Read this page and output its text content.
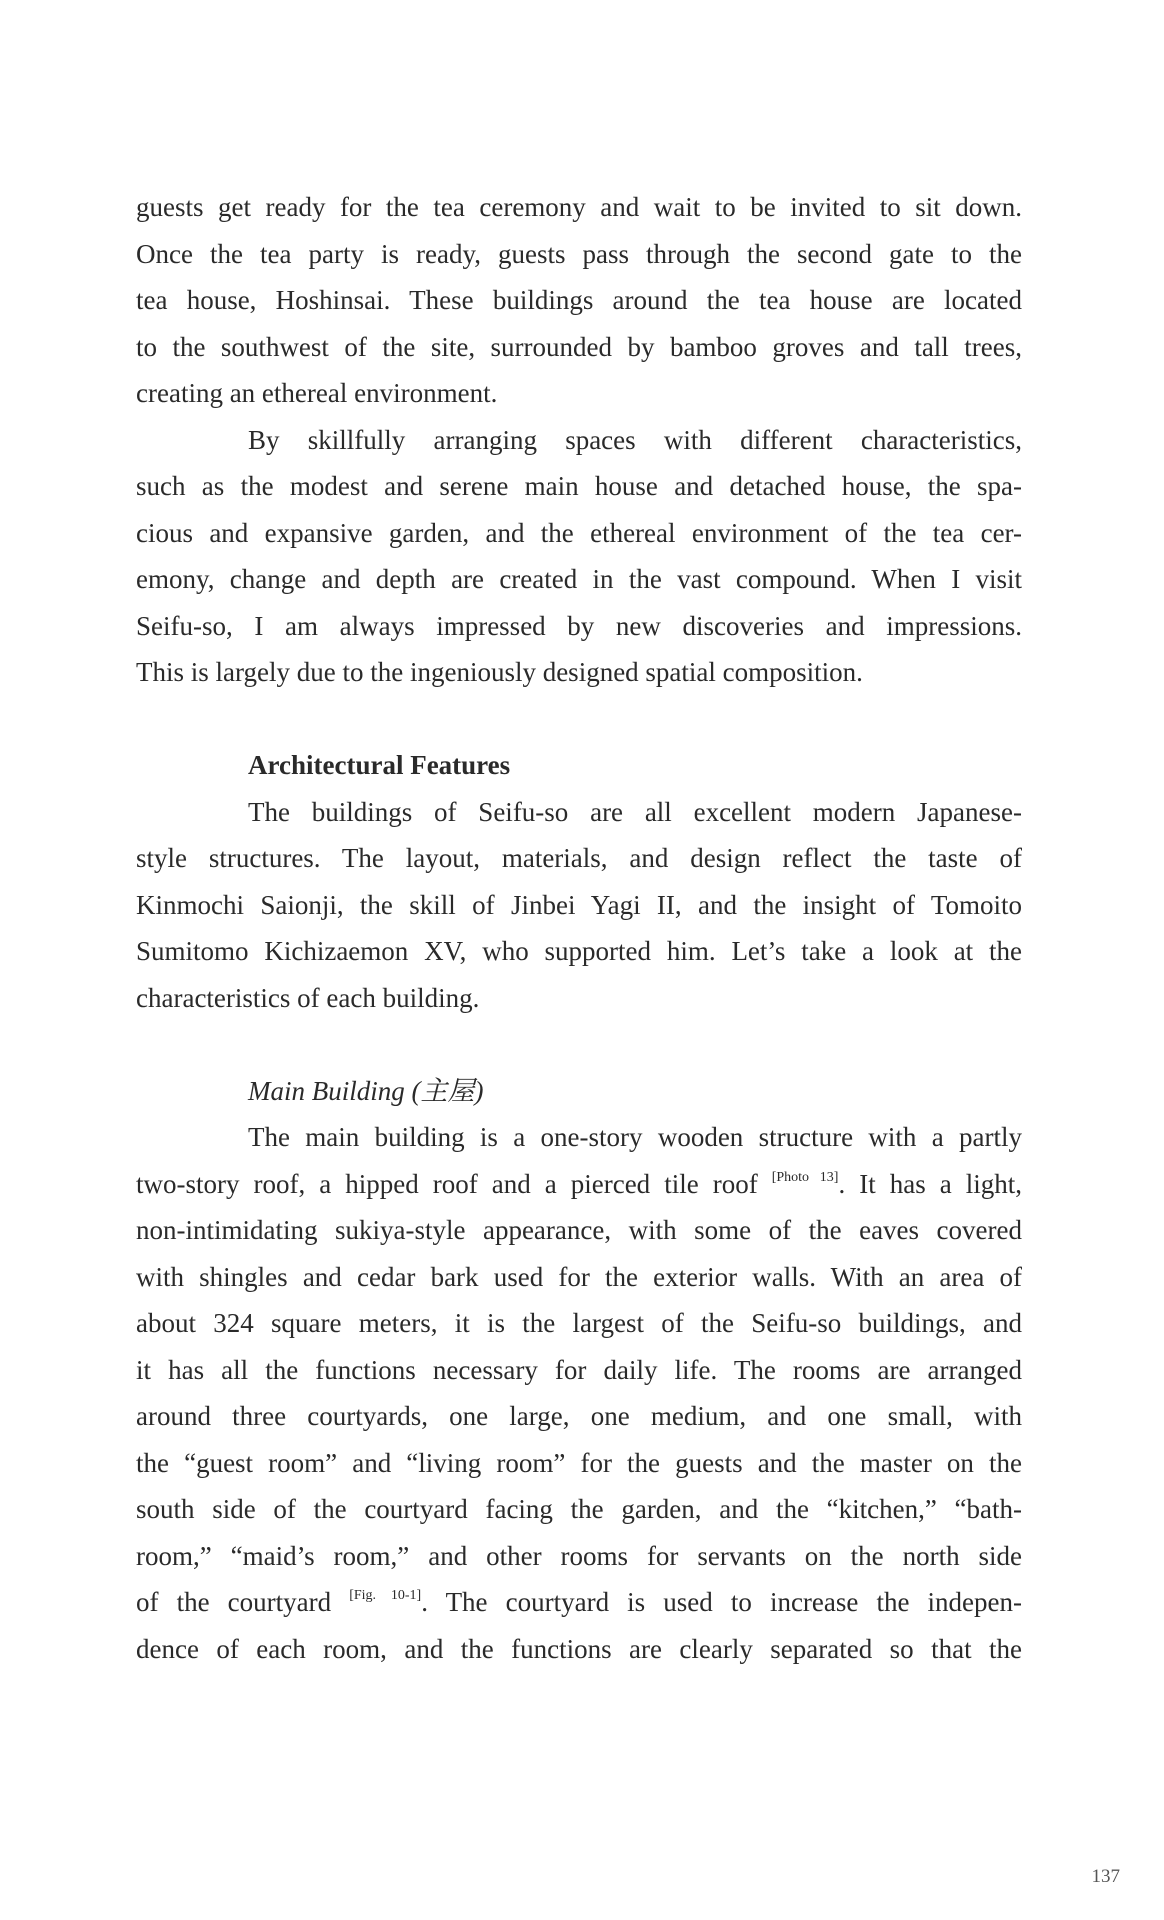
guests get ready for the tea ceremony and wait to be invited to sit down.
Once the tea party is ready, guests pass through the second gate to the
tea house, Hoshinsai. These buildings around the tea house are located
to the southwest of the site, surrounded by bamboo groves and tall trees,
creating an ethereal environment.
By skillfully arranging spaces with different characteristics,
such as the modest and serene main house and detached house, the spa-
cious and expansive garden, and the ethereal environment of the tea cer-
emony, change and depth are created in the vast compound. When I visit
Seifu-so, I am always impressed by new discoveries and impressions.
This is largely due to the ingeniously designed spatial composition.
Architectural Features
The buildings of Seifu-so are all excellent modern Japanese-
style structures. The layout, materials, and design reflect the taste of
Kinmochi Saionji, the skill of Jinbei Yagi II, and the insight of Tomoito
Sumitomo Kichizaemon XV, who supported him. Let’s take a look at the
characteristics of each building.
Main Building (主屋)
The main building is a one-story wooden structure with a partly
two-story roof, a hipped roof and a pierced tile roof [Photo 13]. It has a light,
non-intimidating sukiya-style appearance, with some of the eaves covered
with shingles and cedar bark used for the exterior walls. With an area of
about 324 square meters, it is the largest of the Seifu-so buildings, and
it has all the functions necessary for daily life. The rooms are arranged
around three courtyards, one large, one medium, and one small, with
the “guest room” and “living room” for the guests and the master on the
south side of the courtyard facing the garden, and the “kitchen,” “bath-
room,” “maid’s room,” and other rooms for servants on the north side
of the courtyard [Fig. 10-1]. The courtyard is used to increase the indepen-
dence of each room, and the functions are clearly separated so that the
137
